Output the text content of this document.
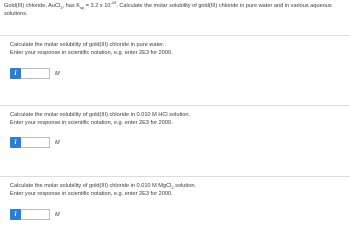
Gold(III) chloride, AuCl$_3$, has $K_{sp} = 3.2$ x $10^{-25}$. Calculate the molar solubility of gold(III) chloride in pure water and in various aqueous solutions.
Calculate the molar solubility of gold(III) chloride in pure water.
Enter your response in scientific notation, e.g. enter 2E3 for 2000.
i	M
Calculate the molar solubility of gold(III) chloride in 0.010 M HCl solution.
Enter your response in scientific notation, e.g. enter 2E3 for 2000.
i	M
Calculate the molar solubility of gold(III) chloride in 0.010 M MgCl$_2$ solution.
Enter your response in scientific notation, e.g. enter 2E3 for 2000.
i	M
